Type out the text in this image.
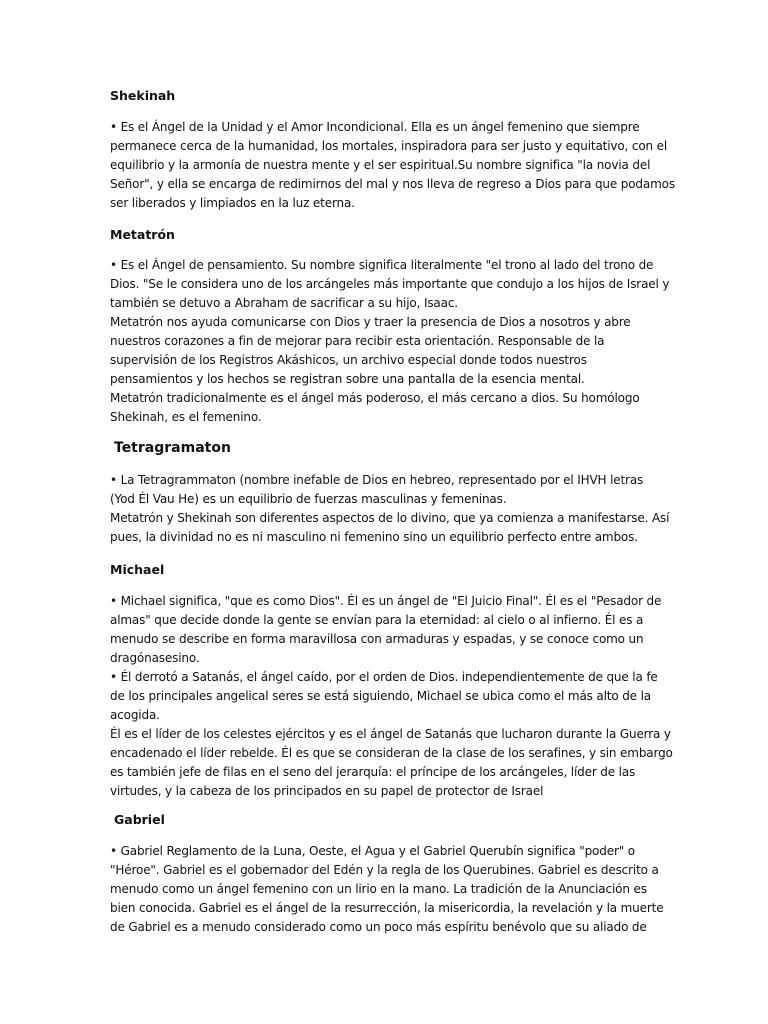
Shekinah
• Es el Ángel de la Unidad y el Amor Incondicional. Ella es un ángel femenino que siempre
permanece cerca de la humanidad, los mortales, inspiradora para ser justo y equitativo, con el
equilibrio y la armonía de nuestra mente y el ser espiritual.Su nombre significa "la novia del
Señor", y ella se encarga de redimirnos del mal y nos lleva de regreso a Dios para que podamos
ser liberados y limpiados en la luz eterna.
Metatrón
• Es el Ángel de pensamiento. Su nombre significa literalmente "el trono al lado del trono de
Dios. "Se le considera uno de los arcángeles más importante que condujo a los hijos de Israel y
también se detuvo a Abraham de sacrificar a su hijo, Isaac.
Metatrón nos ayuda comunicarse con Dios y traer la presencia de Dios a nosotros y abre
nuestros corazones a fin de mejorar para recibir esta orientación. Responsable de la
supervisión de los Registros Akáshicos, un archivo especial donde todos nuestros
pensamientos y los hechos se registran sobre una pantalla de la esencia mental.
Metatrón tradicionalmente es el ángel más poderoso, el más cercano a dios. Su homólogo
Shekinah, es el femenino.
Tetragramaton
• La Tetragrammaton (nombre inefable de Dios en hebreo, representado por el IHVH letras
(Yod Él Vau He) es un equilibrio de fuerzas masculinas y femeninas.
Metatrón y Shekinah son diferentes aspectos de lo divino, que ya comienza a manifestarse. Así
pues, la divinidad no es ni masculino ni femenino sino un equilibrio perfecto entre ambos.
Michael
• Michael significa, "que es como Dios". Él es un ángel de "El Juicio Final". Él es el "Pesador de
almas" que decide donde la gente se envían para la eternidad: al cielo o al infierno. Él es a
menudo se describe en forma maravillosa con armaduras y espadas, y se conoce como un
dragónasesino.
• Él derrotó a Satanás, el ángel caído, por el orden de Dios. independientemente de que la fe
de los principales angelical seres se está siguiendo, Michael se ubica como el más alto de la
acogida.
Él es el líder de los celestes ejércitos y es el ángel de Satanás que lucharon durante la Guerra y
encadenado el líder rebelde. Él es que se consideran de la clase de los serafines, y sin embargo
es también jefe de filas en el seno del jerarquía: el príncipe de los arcángeles, líder de las
virtudes, y la cabeza de los principados en su papel de protector de Israel
Gabriel
• Gabriel Reglamento de la Luna, Oeste, el Agua y el Gabriel Querubín significa "poder" o
"Héroe". Gabriel es el gobernador del Edén y la regla de los Querubines. Gabriel es descrito a
menudo como un ángel femenino con un lirio en la mano. La tradición de la Anunciación es
bien conocida. Gabriel es el ángel de la resurrección, la misericordia, la revelación y la muerte
de Gabriel es a menudo considerado como un poco más espíritu benévolo que su aliado de
